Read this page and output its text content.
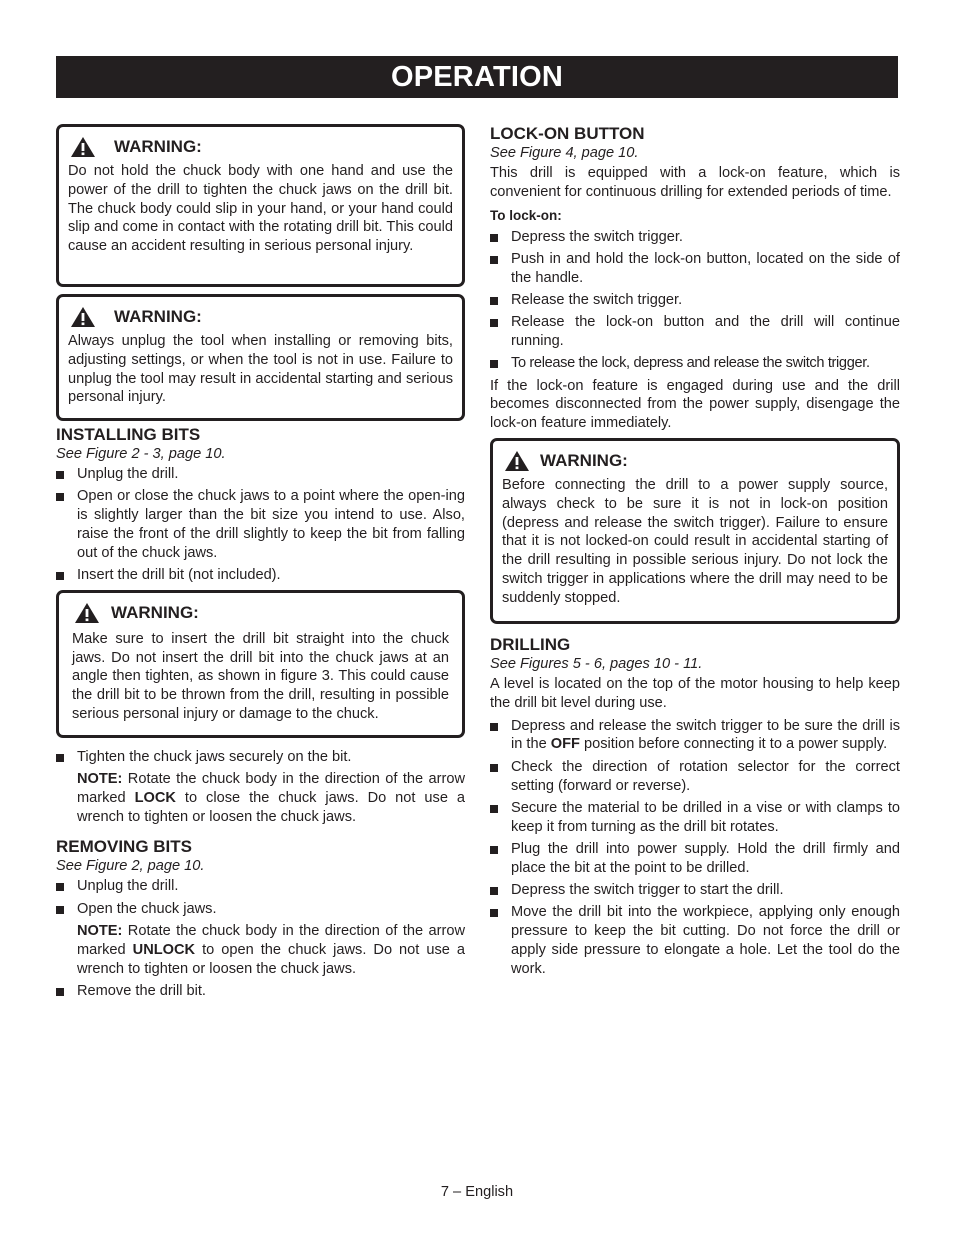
OPERATION
WARNING:
Do not hold the chuck body with one hand and use the power of the drill to tighten the chuck jaws on the drill bit. The chuck body could slip in your hand, or your hand could slip and come in contact with the rotating drill bit. This could cause an accident resulting in serious personal injury.
WARNING:
Always unplug the tool when installing or removing bits, adjusting settings, or when the tool is not in use. Failure to unplug the tool may result in accidental starting and serious personal injury.
INSTALLING BITS
See Figure 2 - 3, page 10.
Unplug the drill.
Open or close the chuck jaws to a point where the open-ing is slightly larger than the bit size you intend to use. Also, raise the front of the drill slightly to keep the bit from falling out of the chuck jaws.
Insert the drill bit (not included).
WARNING:
Make sure to insert the drill bit straight into the chuck jaws. Do not insert the drill bit into the chuck jaws at an angle then tighten, as shown in figure 3. This could cause the drill bit to be thrown from the drill, resulting in possible serious personal injury or damage to the chuck.
Tighten the chuck jaws securely on the bit.
NOTE: Rotate the chuck body in the direction of the arrow marked LOCK to close the chuck jaws. Do not use a wrench to tighten or loosen the chuck jaws.
REMOVING BITS
See Figure 2, page 10.
Unplug the drill.
Open the chuck jaws.
NOTE: Rotate the chuck body in the direction of the arrow marked UNLOCK to open the chuck jaws. Do not use a wrench to tighten or loosen the chuck jaws.
Remove the drill bit.
LOCK-ON BUTTON
See Figure 4, page 10.

This drill is equipped with a lock-on feature, which is convenient for continuous drilling for extended periods of time.

To lock-on:
Depress the switch trigger.
Push in and hold the lock-on button, located on the side of the handle.
Release the switch trigger.
Release the lock-on button and the drill will continue running.
To release the lock, depress and release the switch trigger.

If the lock-on feature is engaged during use and the drill becomes disconnected from the power supply, disengage the lock-on feature immediately.

WARNING:
Before connecting the drill to a power supply source, always check to be sure it is not in lock-on position (depress and release the switch trigger). Failure to ensure that it is not locked-on could result in accidental starting of the drill resulting in possible serious injury. Do not lock the switch trigger in applications where the drill may need to be suddenly stopped.
DRILLING
See Figures 5 - 6, pages 10 - 11.

A level is located on the top of the motor housing to help keep the drill bit level during use.

Depress and release the switch trigger to be sure the drill is in the OFF position before connecting it to a power supply.
Check the direction of rotation selector for the correct setting (forward or reverse).
Secure the material to be drilled in a vise or with clamps to keep it from turning as the drill bit rotates.
Plug the drill into power supply. Hold the drill firmly and place the bit at the point to be drilled.
Depress the switch trigger to start the drill.
Move the drill bit into the workpiece, applying only enough pressure to keep the bit cutting. Do not force the drill or apply side pressure to elongate a hole. Let the tool do the work.
7 – English
